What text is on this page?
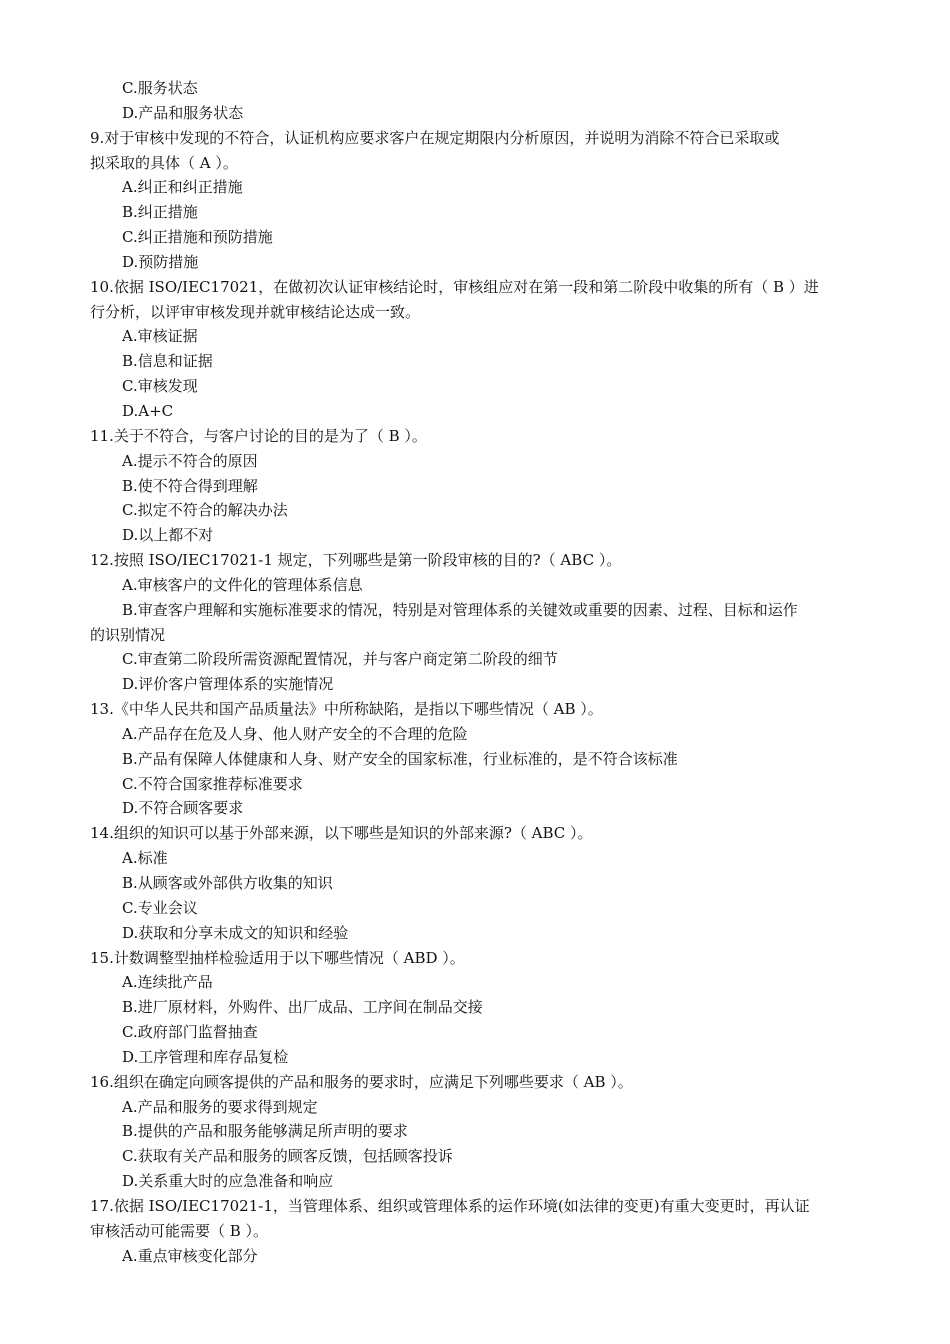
C.服务状态
D.产品和服务状态
9.对于审核中发现的不符合，认证机构应要求客户在规定期限内分析原因，并说明为消除不符合已采取或
拟采取的具体（ A ）。
A.纠正和纠正措施
B.纠正措施
C.纠正措施和预防措施
D.预防措施
10.依据 ISO/IEC17021，在做初次认证审核结论时，审核组应对在第一段和第二阶段中收集的所有（ B ）进
行分析，以评审审核发现并就审核结论达成一致。
A.审核证据
B.信息和证据
C.审核发现
D.A+C
11.关于不符合，与客户讨论的目的是为了（ B ）。
A.提示不符合的原因
B.使不符合得到理解
C.拟定不符合的解决办法
D.以上都不对
12.按照 ISO/IEC17021-1 规定，下列哪些是第一阶段审核的目的?（ ABC ）。
A.审核客户的文件化的管理体系信息
B.审查客户理解和实施标准要求的情况，特别是对管理体系的关键效或重要的因素、过程、目标和运作
的识别情况
C.审查第二阶段所需资源配置情况，并与客户商定第二阶段的细节
D.评价客户管理体系的实施情况
13.《中华人民共和国产品质量法》中所称缺陷，是指以下哪些情况（ AB ）。
A.产品存在危及人身、他人财产安全的不合理的危险
B.产品有保障人体健康和人身、财产安全的国家标准，行业标准的，是不符合该标准
C.不符合国家推荐标准要求
D.不符合顾客要求
14.组织的知识可以基于外部来源，以下哪些是知识的外部来源?（ ABC ）。
A.标准
B.从顾客或外部供方收集的知识
C.专业会议
D.获取和分享未成文的知识和经验
15.计数调整型抽样检验适用于以下哪些情况（ ABD ）。
A.连续批产品
B.进厂原材料，外购件、出厂成品、工序间在制品交接
C.政府部门监督抽查
D.工序管理和库存品复检
16.组织在确定向顾客提供的产品和服务的要求时，应满足下列哪些要求（ AB ）。
A.产品和服务的要求得到规定
B.提供的产品和服务能够满足所声明的要求
C.获取有关产品和服务的顾客反馈，包括顾客投诉
D.关系重大时的应急准备和响应
17.依据 ISO/IEC17021-1，当管理体系、组织或管理体系的运作环境(如法律的变更)有重大变更时，再认证
审核活动可能需要（ B ）。
A.重点审核变化部分
